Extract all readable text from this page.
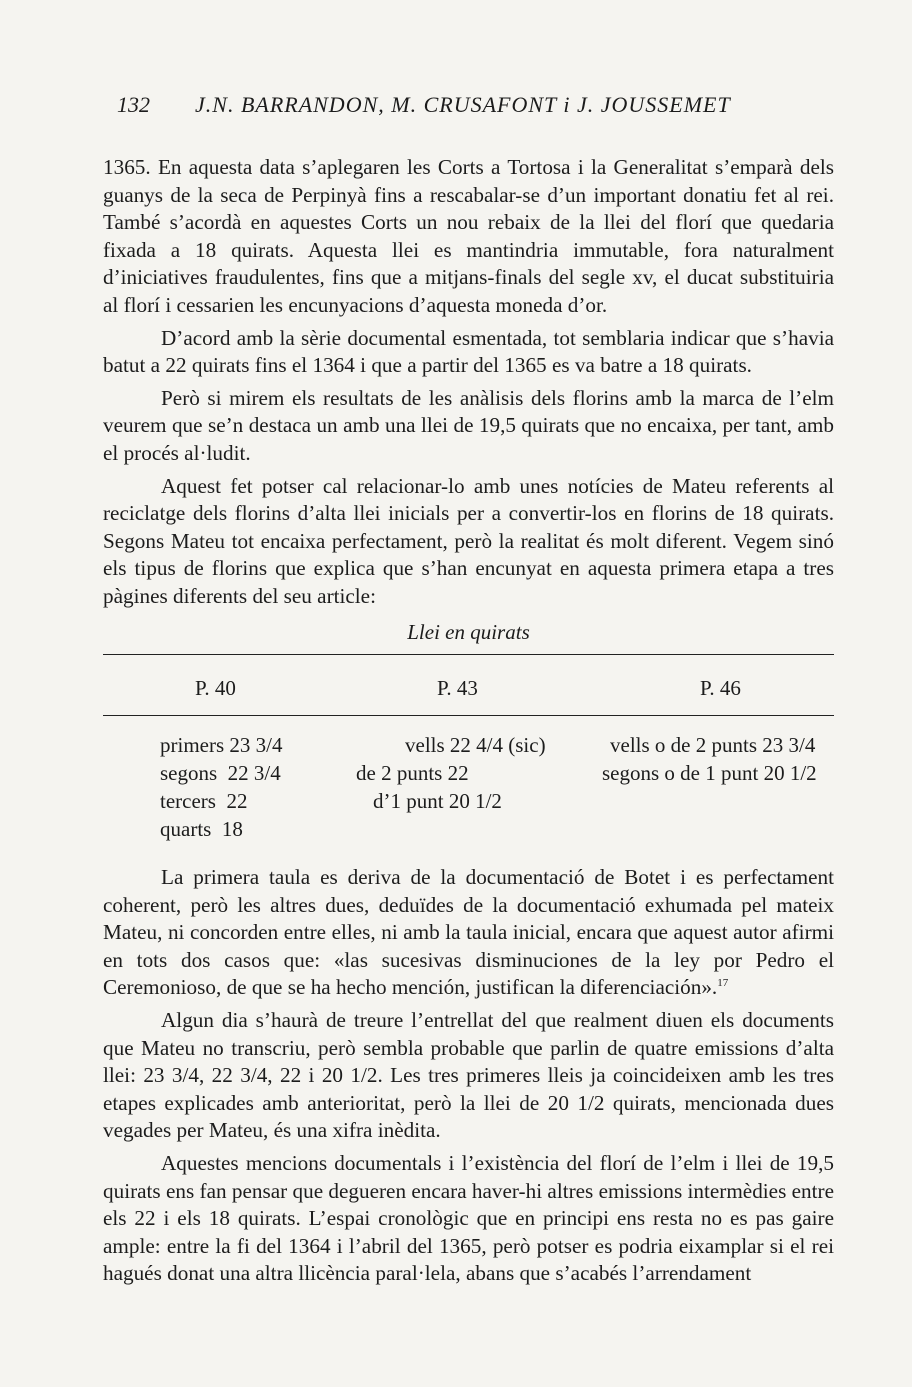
132 J.N. BARRANDON, M. CRUSAFONT i J. JOUSSEMET

1365. En aquesta data s’aplegaren les Corts a Tortosa i la Generalitat s’emparà dels guanys de la seca de Perpinyà fins a rescabalar-se d’un important donatiu fet al rei. També s’acordà en aquestes Corts un nou rebaix de la llei del florí que quedaria fixada a 18 quirats. Aquesta llei es mantindria immutable, fora naturalment d’iniciatives fraudulentes, fins que a mitjans-finals del segle xv, el ducat substituiria al florí i cessarien les encunyacions d’aquesta moneda d’or.

D’acord amb la sèrie documental esmentada, tot semblaria indicar que s’havia batut a 22 quirats fins el 1364 i que a partir del 1365 es va batre a 18 quirats.

Però si mirem els resultats de les anàlisis dels florins amb la marca de l’elm veurem que se’n destaca un amb una llei de 19,5 quirats que no encaixa, per tant, amb el procés al·ludit.

Aquest fet potser cal relacionar-lo amb unes notícies de Mateu referents al reciclatge dels florins d’alta llei inicials per a convertir-los en florins de 18 quirats. Segons Mateu tot encaixa perfectament, però la realitat és molt diferent. Vegem sinó els tipus de florins que explica que s’han encunyat en aquesta primera etapa a tres pàgines diferents del seu article:

Llei en quirats
P. 40	P. 43	P. 46
primers 23 3/4
segons  22 3/4
tercers  22
quarts  18
vells 22 4/4 (sic)
de 2 punts 22
d’1 punt 20 1/2
vells o de 2 punts 23 3/4
segons o de 1 punt 20 1/2

La primera taula es deriva de la documentació de Botet i es perfectament coherent, però les altres dues, deduïdes de la documentació exhumada pel mateix Mateu, ni concorden entre elles, ni amb la taula inicial, encara que aquest autor afirmi en tots dos casos que: «las sucesivas disminuciones de la ley por Pedro el Ceremonioso, de que se ha hecho mención, justifican la diferenciación».$^{17}$

Algun dia s’haurà de treure l’entrellat del que realment diuen els documents que Mateu no transcriu, però sembla probable que parlin de quatre emissions d’alta llei: 23 3/4, 22 3/4, 22 i 20 1/2. Les tres primeres lleis ja coincideixen amb les tres etapes explicades amb anterioritat, però la llei de 20 1/2 quirats, mencionada dues vegades per Mateu, és una xifra inèdita.

Aquestes mencions documentals i l’existència del florí de l’elm i llei de 19,5 quirats ens fan pensar que degueren encara haver-hi altres emissions intermèdies entre els 22 i els 18 quirats. L’espai cronològic que en principi ens resta no es pas gaire ample: entre la fi del 1364 i l’abril del 1365, però potser es podria eixamplar si el rei hagués donat una altra llicència paral·lela, abans que s’acabés l’arrendament
